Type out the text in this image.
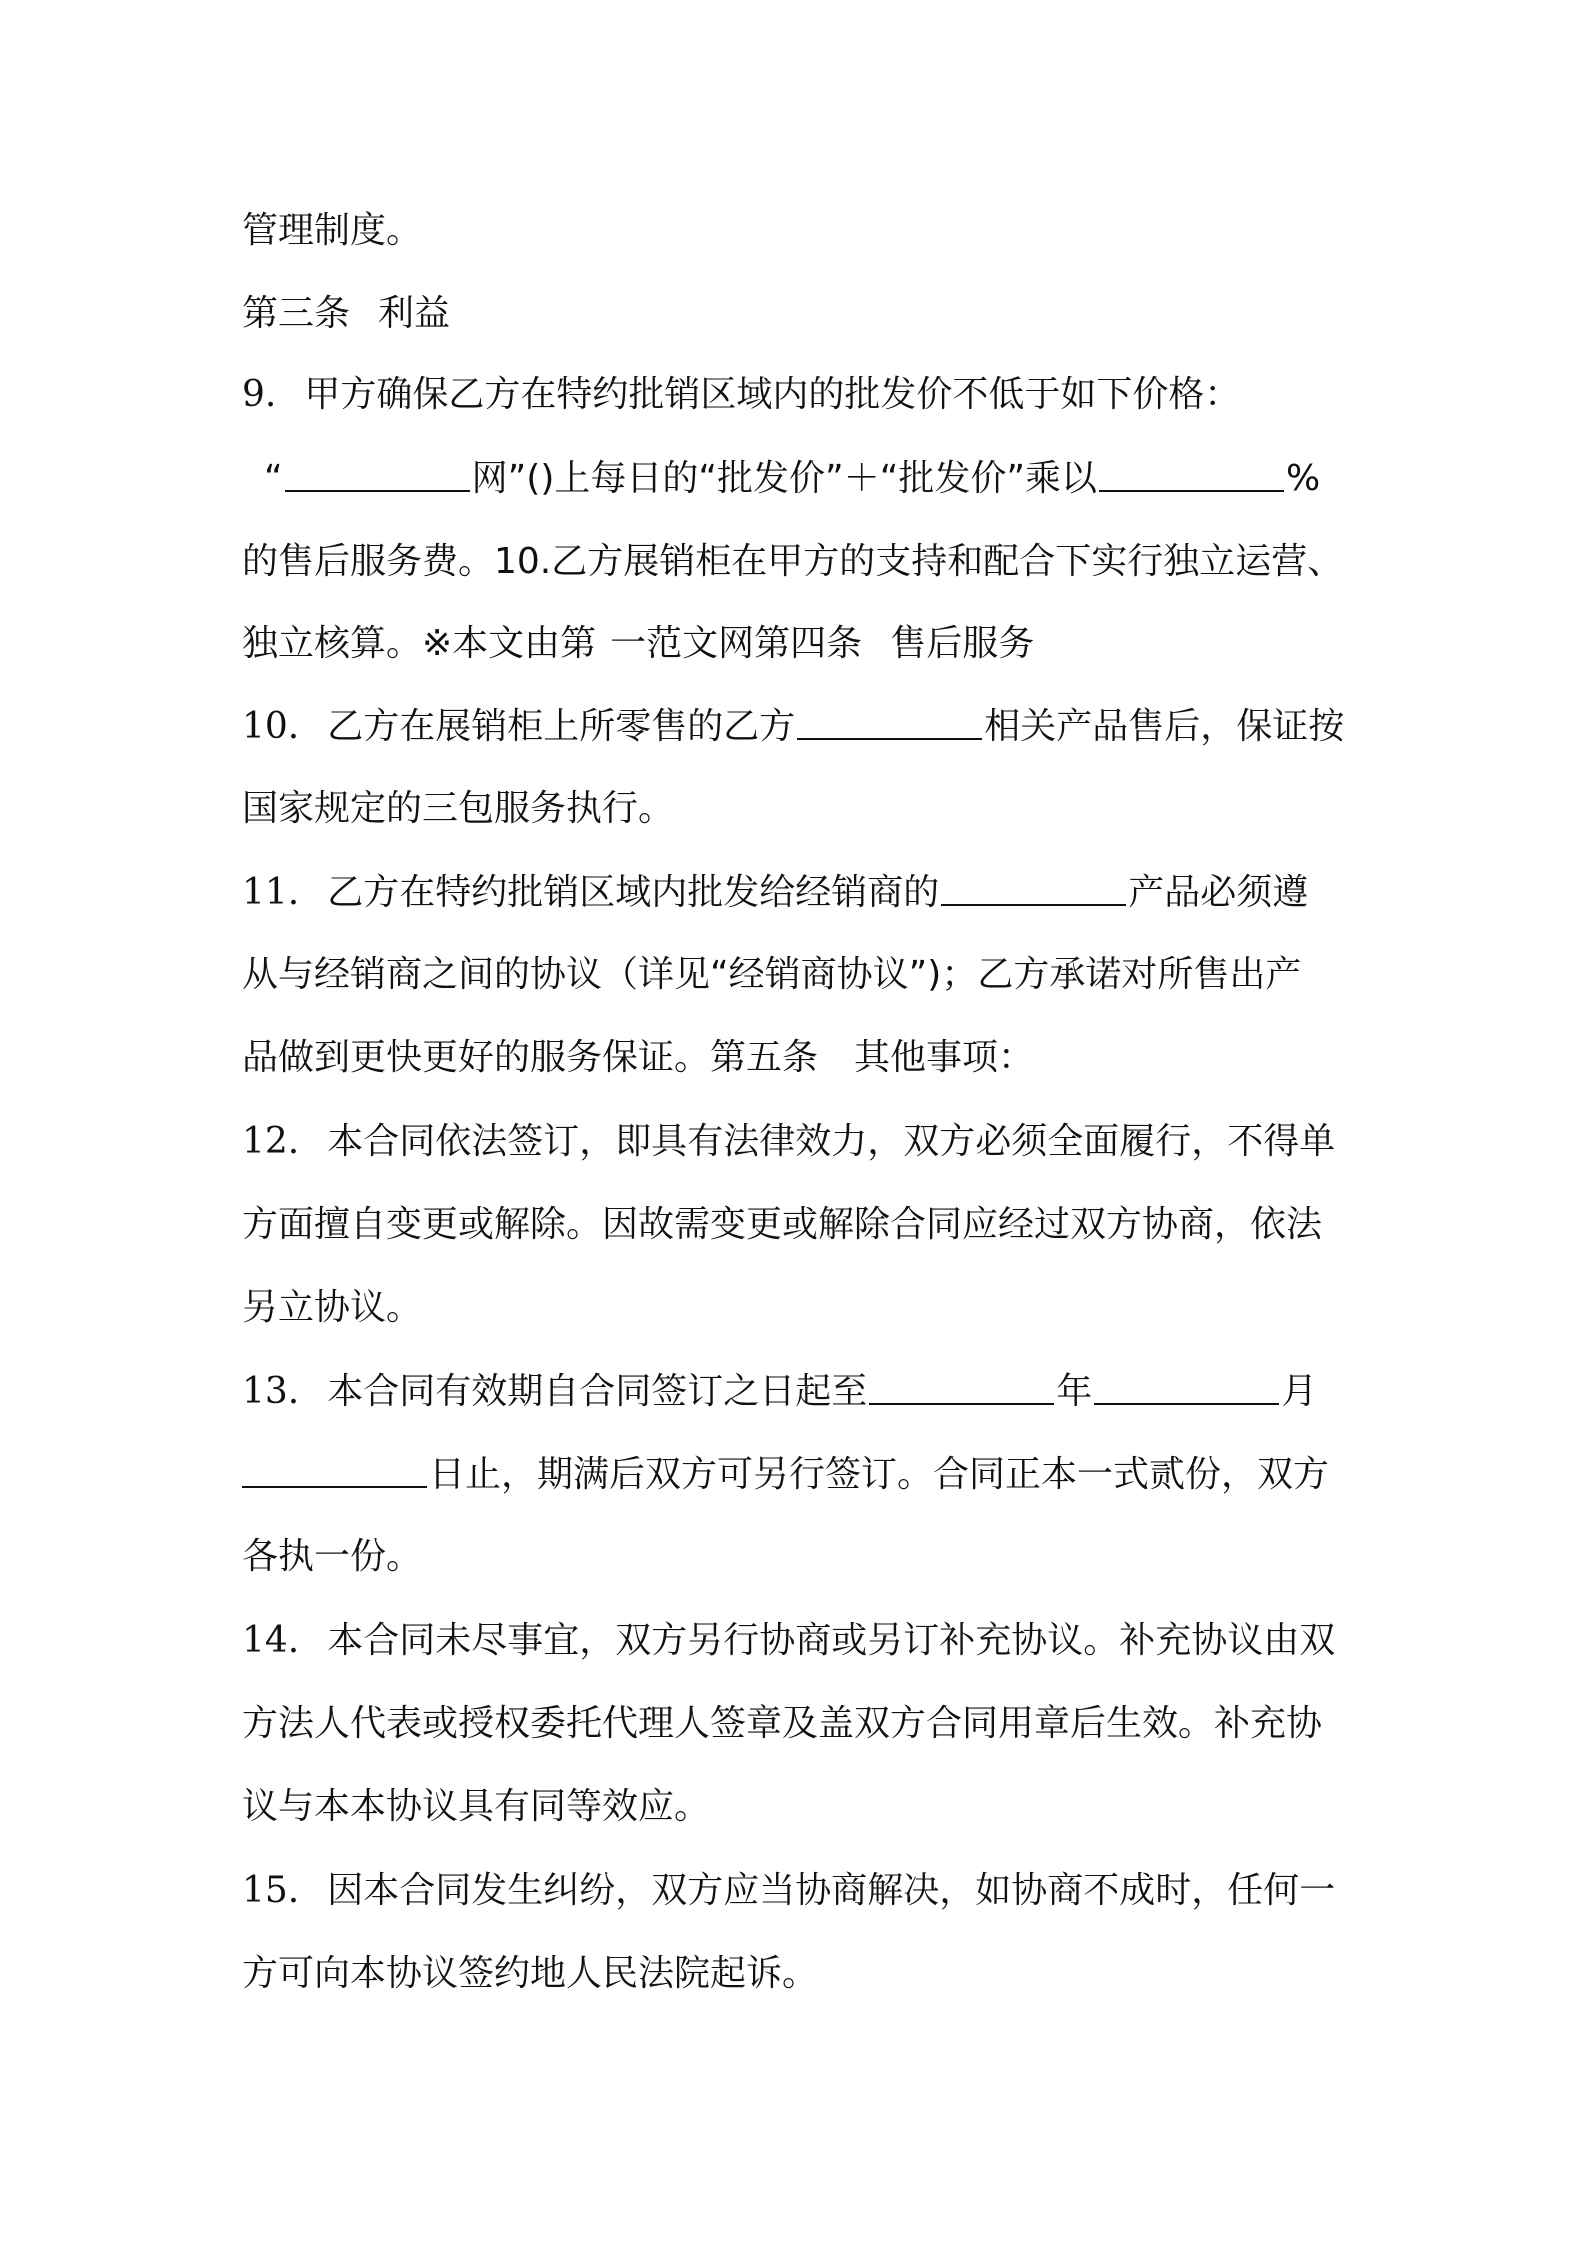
管理制度。
第三条 利益
9. 甲方确保乙方在特约批销区域内的批发价不低于如下价格：
“	网”()上每日的“批发价”＋“批发价”乘以	%
的售后服务费。10.乙方展销柜在甲方的支持和配合下实行独立运营、
独立核算。※本文由第 一范文网第四条 售后服务
10. 乙方在展销柜上所零售的乙方	相关产品售后，保证按
国家规定的三包服务执行。
11. 乙方在特约批销区域内批发给经销商的	产品必须遵
从与经销商之间的协议（详见“经销商协议”)；乙方承诺对所售出产
品做到更快更好的服务保证。第五条 其他事项：
12. 本合同依法签订，即具有法律效力，双方必须全面履行，不得单
方面擅自变更或解除。因故需变更或解除合同应经过双方协商，依法
另立协议。
13. 本合同有效期自合同签订之日起至	年	月
日止，期满后双方可另行签订。合同正本一式贰份，双方
各执一份。
14. 本合同未尽事宜，双方另行协商或另订补充协议。补充协议由双
方法人代表或授权委托代理人签章及盖双方合同用章后生效。补充协
议与本本协议具有同等效应。
15. 因本合同发生纠纷，双方应当协商解决，如协商不成时，任何一
方可向本协议签约地人民法院起诉。
